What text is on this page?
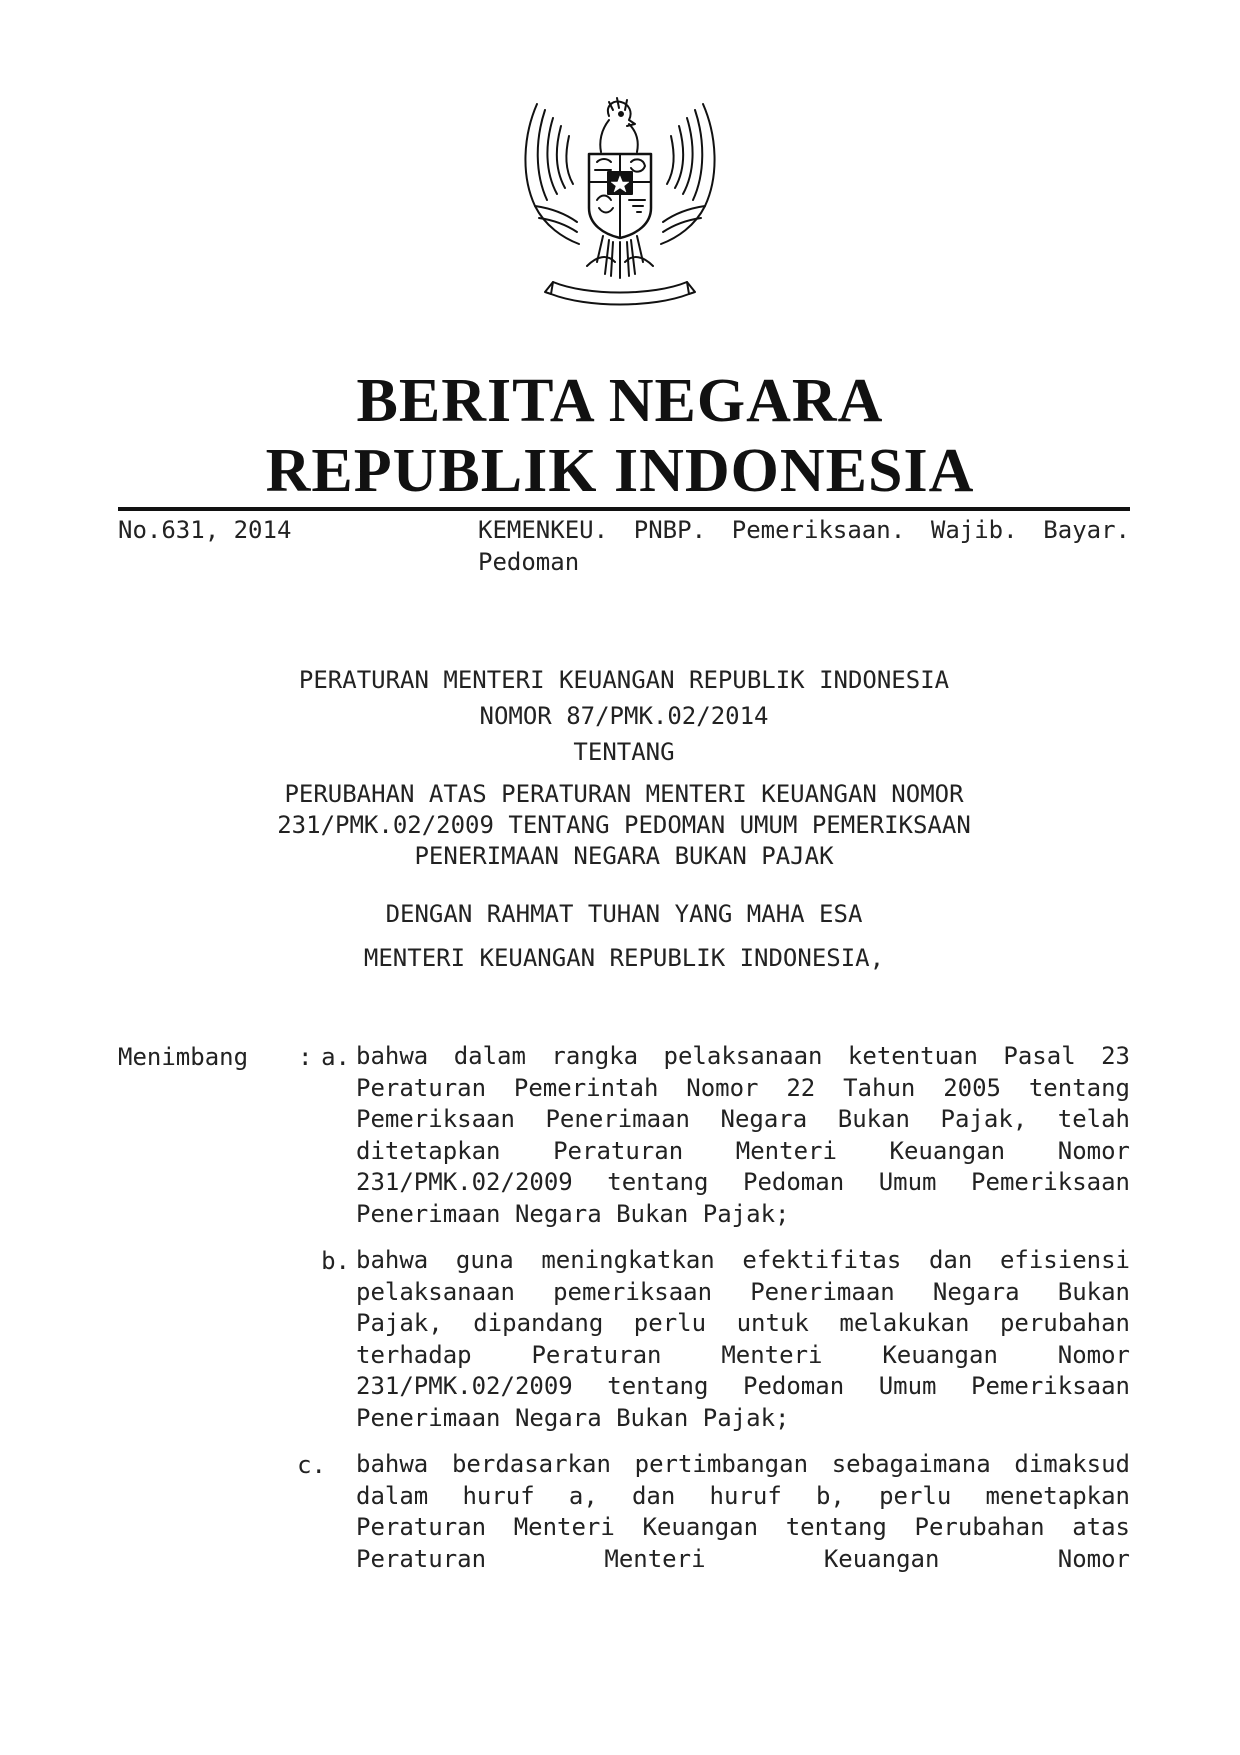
BERITA NEGARA
REPUBLIK INDONESIA
No.631, 2014	KEMENKEU. PNBP. Pemeriksaan. Wajib. Bayar. Pedoman
PERATURAN MENTERI KEUANGAN REPUBLIK INDONESIA
NOMOR 87/PMK.02/2014
TENTANG
PERUBAHAN ATAS PERATURAN MENTERI KEUANGAN NOMOR
231/PMK.02/2009 TENTANG PEDOMAN UMUM PEMERIKSAAN
PENERIMAAN NEGARA BUKAN PAJAK
DENGAN RAHMAT TUHAN YANG MAHA ESA
MENTERI KEUANGAN REPUBLIK INDONESIA,
Menimbang : a. bahwa dalam rangka pelaksanaan ketentuan Pasal 23 Peraturan Pemerintah Nomor 22 Tahun 2005 tentang Pemeriksaan Penerimaan Negara Bukan Pajak, telah ditetapkan Peraturan Menteri Keuangan Nomor 231/PMK.02/2009 tentang Pedoman Umum Pemeriksaan Penerimaan Negara Bukan Pajak;
b. bahwa guna meningkatkan efektifitas dan efisiensi pelaksanaan pemeriksaan Penerimaan Negara Bukan Pajak, dipandang perlu untuk melakukan perubahan terhadap Peraturan Menteri Keuangan Nomor 231/PMK.02/2009 tentang Pedoman Umum Pemeriksaan Penerimaan Negara Bukan Pajak;
c. bahwa berdasarkan pertimbangan sebagaimana dimaksud dalam huruf a, dan huruf b, perlu menetapkan Peraturan Menteri Keuangan tentang Perubahan atas Peraturan Menteri Keuangan Nomor
